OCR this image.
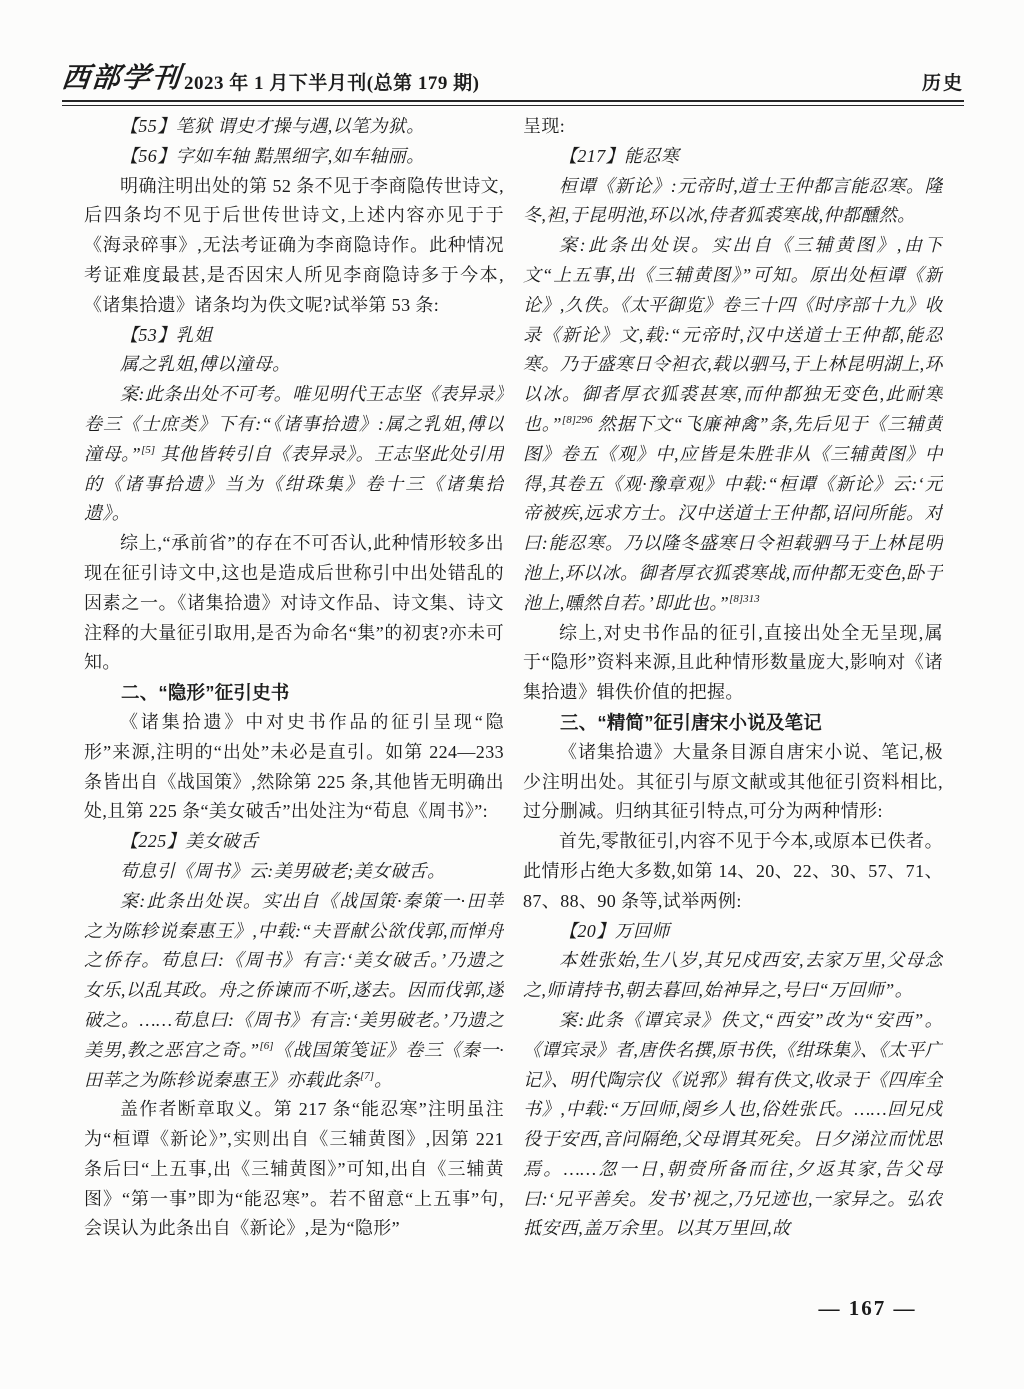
西部学刊 2023 年 1 月下半月刊(总第 179 期)	历史

【55】笔狱 谓史才操与遇,以笔为狱。

【56】字如车轴 黠黑细字,如车轴丽。

明确注明出处的第 52 条不见于李商隐传世诗文,后四条均不见于后世传世诗文,上述内容亦见于于《海录碎事》,无法考证确为李商隐诗作。此种情况考证难度最甚,是否因宋人所见李商隐诗多于今本,《诸集拾遗》诸条均为佚文呢?试举第 53 条:

【53】乳姐

属之乳姐,傅以潼母。

案:此条出处不可考。唯见明代王志坚《表异录》卷三《士庶类》下有:“《诸事拾遗》:属之乳姐,傅以潼母。”[5] 其他皆转引自《表异录》。王志坚此处引用的《诸事拾遗》当为《绀珠集》卷十三《诸集拾遗》。

综上,“承前省”的存在不可否认,此种情形较多出现在征引诗文中,这也是造成后世称引中出处错乱的因素之一。《诸集拾遗》对诗文作品、诗文集、诗文注释的大量征引取用,是否为命名“集”的初衷?亦未可知。

二、“隐形”征引史书

《诸集拾遗》中对史书作品的征引呈现“隐形”来源,注明的“出处”未必是直引。如第 224—233 条皆出自《战国策》,然除第 225 条,其他皆无明确出处,且第 225 条“美女破舌”出处注为“荀息《周书》”:

【225】美女破舌

荀息引《周书》云:美男破老;美女破舌。

案:此条出处误。实出自《战国策·秦策一·田莘之为陈轸说秦惠王》,中载:“夫晋献公欲伐郭,而惮舟之侨存。荀息曰:《周书》有言:‘美女破舌。’乃遗之女乐,以乱其政。舟之侨谏而不听,遂去。因而伐郭,遂破之。……荀息曰:《周书》有言:‘美男破老。’乃遗之美男,教之恶宫之奇。”[6]《战国策笺证》卷三《秦一·田莘之为陈轸说秦惠王》亦载此条[7]。

盖作者断章取义。第 217 条“能忍寒”注明虽注为“桓谭《新论》”,实则出自《三辅黄图》,因第 221 条后曰“上五事,出《三辅黄图》”可知,出自《三辅黄图》“第一事”即为“能忍寒”。若不留意“上五事”句,会误认为此条出自《新论》,是为“隐形”

呈现:

【217】能忍寒

桓谭《新论》:元帝时,道士王仲都言能忍寒。隆冬,袒,于昆明池,环以冰,侍者狐裘寒战,仲都醺然。

案:此条出处误。实出自《三辅黄图》,由下文“上五事,出《三辅黄图》”可知。原出处桓谭《新论》,久佚。《太平御览》卷三十四《时序部十九》收录《新论》文,载:“元帝时,汉中送道士王仲都,能忍寒。乃于盛寒日令袒衣,载以驷马,于上林昆明湖上,环以冰。御者厚衣狐裘甚寒,而仲都独无变色,此耐寒也。”$^{[8]296}$ 然据下文“飞廉神禽”条,先后见于《三辅黄图》卷五《观》中,应皆是朱胜非从《三辅黄图》中得,其卷五《观·豫章观》中载:“桓谭《新论》云:‘元帝被疾,远求方士。汉中送道士王仲都,诏问所能。对曰:能忍寒。乃以隆冬盛寒日令袒载驷马于上林昆明池上,环以冰。御者厚衣狐裘寒战,而仲都无变色,卧于池上,曛然自若。’即此也。”$^{[8]313}$

综上,对史书作品的征引,直接出处全无呈现,属于“隐形”资料来源,且此种情形数量庞大,影响对《诸集拾遗》辑佚价值的把握。

三、“精简”征引唐宋小说及笔记

《诸集拾遗》大量条目源自唐宋小说、笔记,极少注明出处。其征引与原文献或其他征引资料相比,过分删减。归纳其征引特点,可分为两种情形:

首先,零散征引,内容不见于今本,或原本已佚者。此情形占绝大多数,如第 14、20、22、30、57、71、87、88、90 条等,试举两例:

【20】万回师

本姓张始,生八岁,其兄戍西安,去家万里,父母念之,师请持书,朝去暮回,始神异之,号曰“万回师”。

案:此条《谭宾录》佚文,“西安”改为“安西”。《谭宾录》者,唐佚名撰,原书佚,《绀珠集》、《太平广记》、明代陶宗仪《说郛》辑有佚文,收录于《四库全书》,中载:“万回师,阌乡人也,俗姓张氏。……回兄戍役于安西,音问隔绝,父母谓其死矣。日夕涕泣而忧思焉。……忽一日,朝赍所备而往,夕返其家,告父母曰:‘兄平善矣。发书’视之,乃兄迹也,一家异之。弘农抵安西,盖万余里。以其万里回,故

— 167 —
